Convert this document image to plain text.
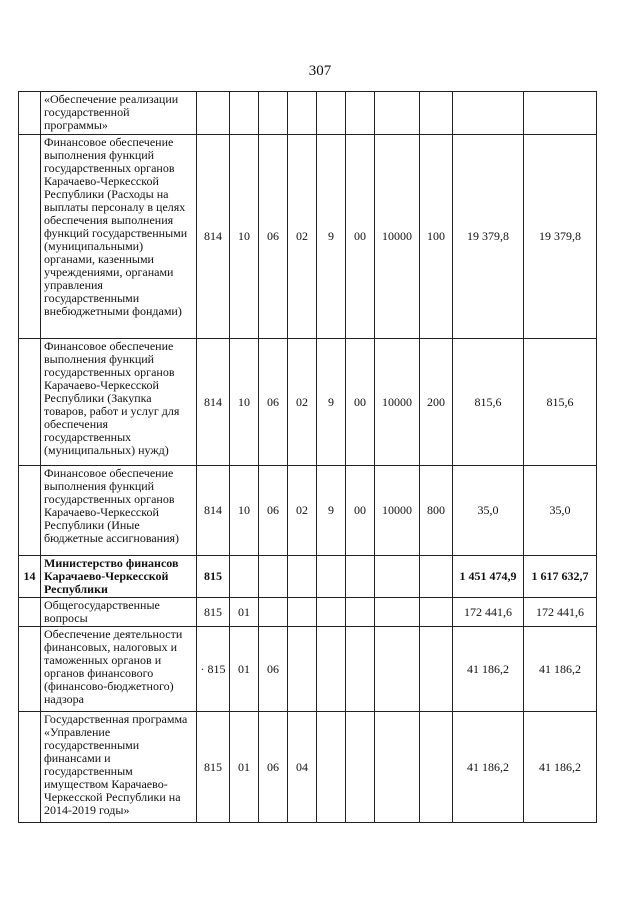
307
	«Обеспечение реализации государственной программы»										
	Финансовое обеспечение выполнения функций государственных органов Карачаево-Черкесской Республики (Расходы на выплаты персоналу в целях обеспечения выполнения функций государственными (муниципальными) органами, казенными учреждениями, органами управления государственными внебюджетными фондами)	814	10	06	02	9	00	10000	100	19 379,8	19 379,8
	Финансовое обеспечение выполнения функций государственных органов Карачаево-Черкесской Республики (Закупка товаров, работ и услуг для обеспечения государственных (муниципальных) нужд)	814	10	06	02	9	00	10000	200	815,6	815,6
	Финансовое обеспечение выполнения функций государственных органов Карачаево-Черкесской Республики (Иные бюджетные ассигнования)	814	10	06	02	9	00	10000	800	35,0	35,0
14	Министерство финансов Карачаево-Черкесской Республики	815								1 451 474,9	1 617 632,7
	Общегосударственные вопросы	815	01							172 441,6	172 441,6
	Обеспечение деятельности финансовых, налоговых и таможенных органов и органов финансового (финансово-бюджетного) надзора	· 815	01	06						41 186,2	41 186,2
	Государственная программа «Управление государственными финансами и государственным имуществом Карачаево-Черкесской Республики на 2014-2019 годы»	815	01	06	04					41 186,2	41 186,2
